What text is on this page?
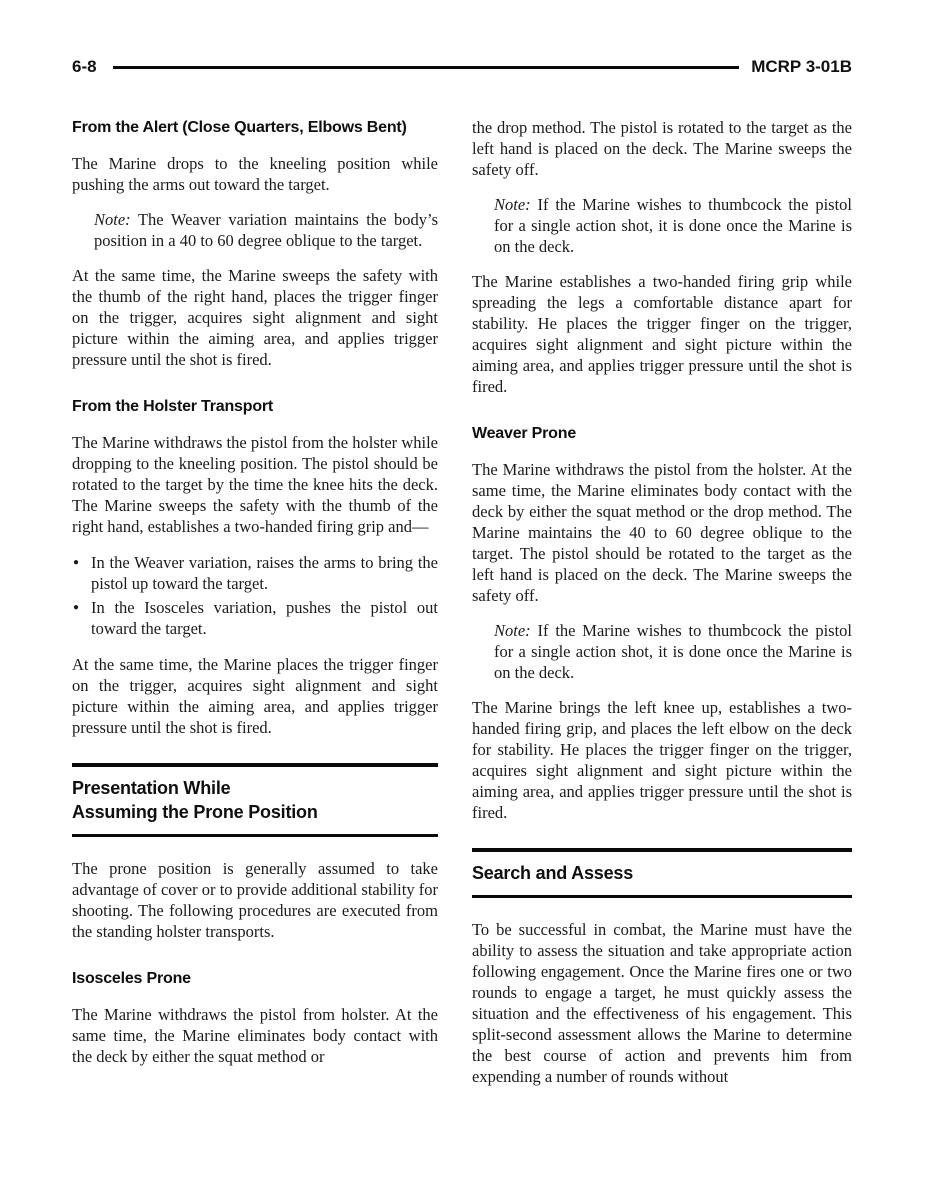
6-8	MCRP 3-01B
From the Alert (Close Quarters, Elbows Bent)

The Marine drops to the kneeling position while pushing the arms out toward the target.

Note: The Weaver variation maintains the body’s position in a 40 to 60 degree oblique to the target.

At the same time, the Marine sweeps the safety with the thumb of the right hand, places the trigger finger on the trigger, acquires sight alignment and sight picture within the aiming area, and applies trigger pressure until the shot is fired.

From the Holster Transport

The Marine withdraws the pistol from the holster while dropping to the kneeling position. The pistol should be rotated to the target by the time the knee hits the deck. The Marine sweeps the safety with the thumb of the right hand, establishes a two-handed firing grip and—

● In the Weaver variation, raises the arms to bring the pistol up toward the target.
● In the Isosceles variation, pushes the pistol out toward the target.

At the same time, the Marine places the trigger finger on the trigger, acquires sight alignment and sight picture within the aiming area, and applies trigger pressure until the shot is fired.

Presentation While
Assuming the Prone Position

The prone position is generally assumed to take advantage of cover or to provide additional stability for shooting. The following procedures are executed from the standing holster transports.

Isosceles Prone

The Marine withdraws the pistol from holster. At the same time, the Marine eliminates body contact with the deck by either the squat method or

the drop method. The pistol is rotated to the target as the left hand is placed on the deck. The Marine sweeps the safety off.

Note: If the Marine wishes to thumbcock the pistol for a single action shot, it is done once the Marine is on the deck.

The Marine establishes a two-handed firing grip while spreading the legs a comfortable distance apart for stability. He places the trigger finger on the trigger, acquires sight alignment and sight picture within the aiming area, and applies trigger pressure until the shot is fired.

Weaver Prone

The Marine withdraws the pistol from the holster. At the same time, the Marine eliminates body contact with the deck by either the squat method or the drop method. The Marine maintains the 40 to 60 degree oblique to the target. The pistol should be rotated to the target as the left hand is placed on the deck. The Marine sweeps the safety off.

Note: If the Marine wishes to thumbcock the pistol for a single action shot, it is done once the Marine is on the deck.

The Marine brings the left knee up, establishes a two-handed firing grip, and places the left elbow on the deck for stability. He places the trigger finger on the trigger, acquires sight alignment and sight picture within the aiming area, and applies trigger pressure until the shot is fired.

Search and Assess

To be successful in combat, the Marine must have the ability to assess the situation and take appropriate action following engagement. Once the Marine fires one or two rounds to engage a target, he must quickly assess the situation and the effectiveness of his engagement. This split-second assessment allows the Marine to determine the best course of action and prevents him from expending a number of rounds without
